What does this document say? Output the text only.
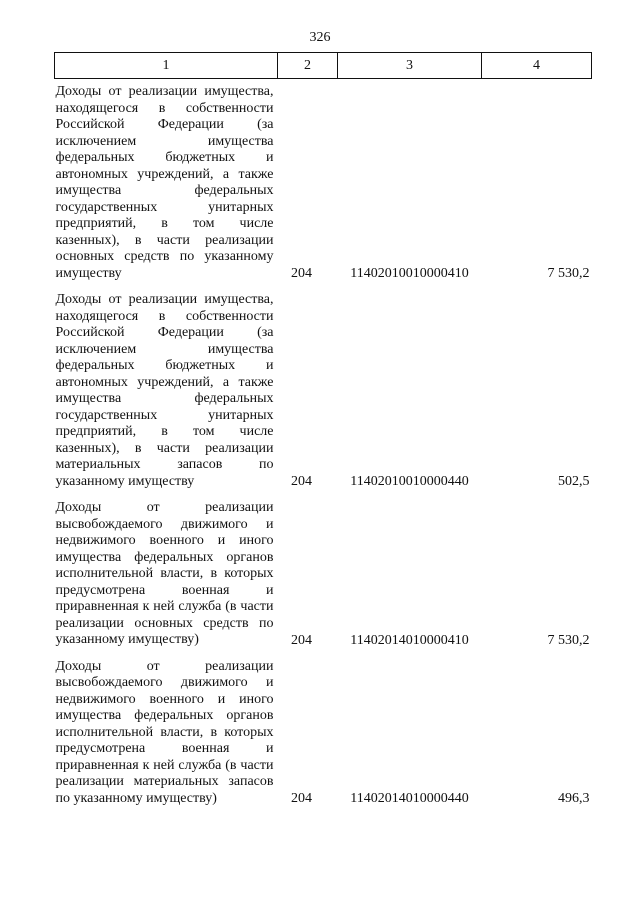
326
1	2	3	4
Доходы от реализации имущества, находящегося в собственности Российской Федерации (за исключением имущества федеральных бюджетных и автономных учреждений, а также имущества федеральных государственных унитарных предприятий, в том числе казенных), в части реализации основных средств по указанному имуществу	204	11402010010000410	7 530,2
Доходы от реализации имущества, находящегося в собственности Российской Федерации (за исключением имущества федеральных бюджетных и автономных учреждений, а также имущества федеральных государственных унитарных предприятий, в том числе казенных), в части реализации материальных запасов по указанному имуществу	204	11402010010000440	502,5
Доходы от реализации высвобождаемого движимого и недвижимого военного и иного имущества федеральных органов исполнительной власти, в которых предусмотрена военная и приравненная к ней служба (в части реализации основных средств по указанному имуществу)	204	11402014010000410	7 530,2
Доходы от реализации высвобождаемого движимого и недвижимого военного и иного имущества федеральных органов исполнительной власти, в которых предусмотрена военная и приравненная к ней служба (в части реализации материальных запасов по указанному имуществу)	204	11402014010000440	496,3
